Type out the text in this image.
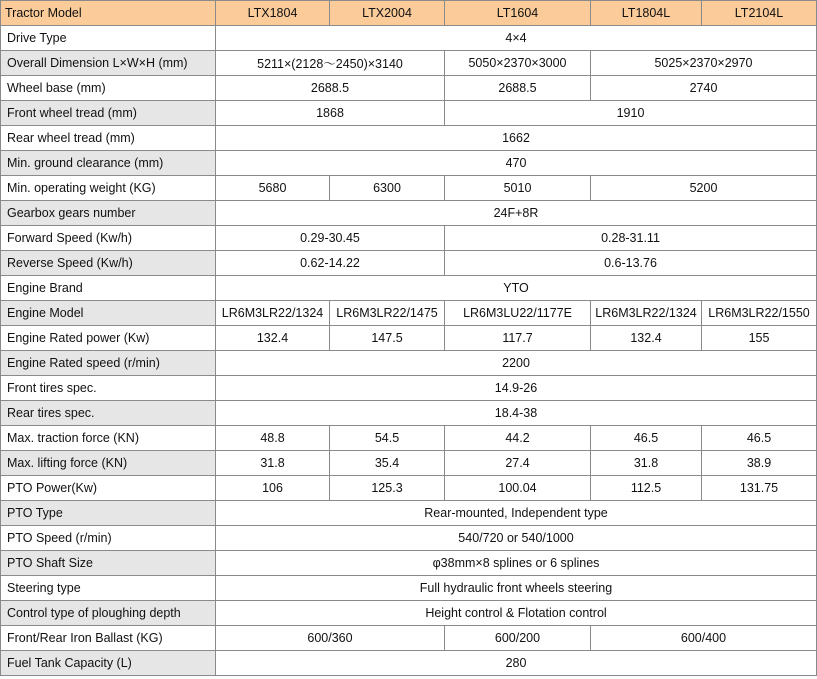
Tractor Model	LTX1804	LTX2004	LT1604	LT1804L	LT2104L
Drive Type	4×4				
Overall Dimension L×W×H (mm)	5211×(2128～2450)×3140		5050×2370×3000	5025×2370×2970	
Wheel base (mm)	2688.5		2688.5	2740	
Front wheel tread (mm)	1868		1910		
Rear wheel tread (mm)	1662				
Min. ground clearance (mm)	470				
Min. operating weight (KG)	5680	6300	5010	5200	
Gearbox gears number	24F+8R				
Forward Speed (Kw/h)	0.29-30.45		0.28-31.11		
Reverse Speed (Kw/h)	0.62-14.22		0.6-13.76		
Engine Brand	YTO				
Engine Model	LR6M3LR22/1324	LR6M3LR22/1475	LR6M3LU22/1177E	LR6M3LR22/1324	LR6M3LR22/1550
Engine Rated power (Kw)	132.4	147.5	117.7	132.4	155
Engine Rated speed (r/min)	2200				
Front tires spec.	14.9-26				
Rear tires spec.	18.4-38				
Max. traction force (KN)	48.8	54.5	44.2	46.5	46.5
Max. lifting force (KN)	31.8	35.4	27.4	31.8	38.9
PTO Power(Kw)	106	125.3	100.04	112.5	131.75
PTO Type	Rear-mounted, Independent type				
PTO Speed (r/min)	540/720 or 540/1000				
PTO Shaft Size	φ38mm×8 splines or 6 splines				
Steering type	Full hydraulic front wheels steering				
Control type of ploughing depth	Height control & Flotation control				
Front/Rear Iron Ballast (KG)	600/360		600/200	600/400	
Fuel Tank Capacity (L)	280				
